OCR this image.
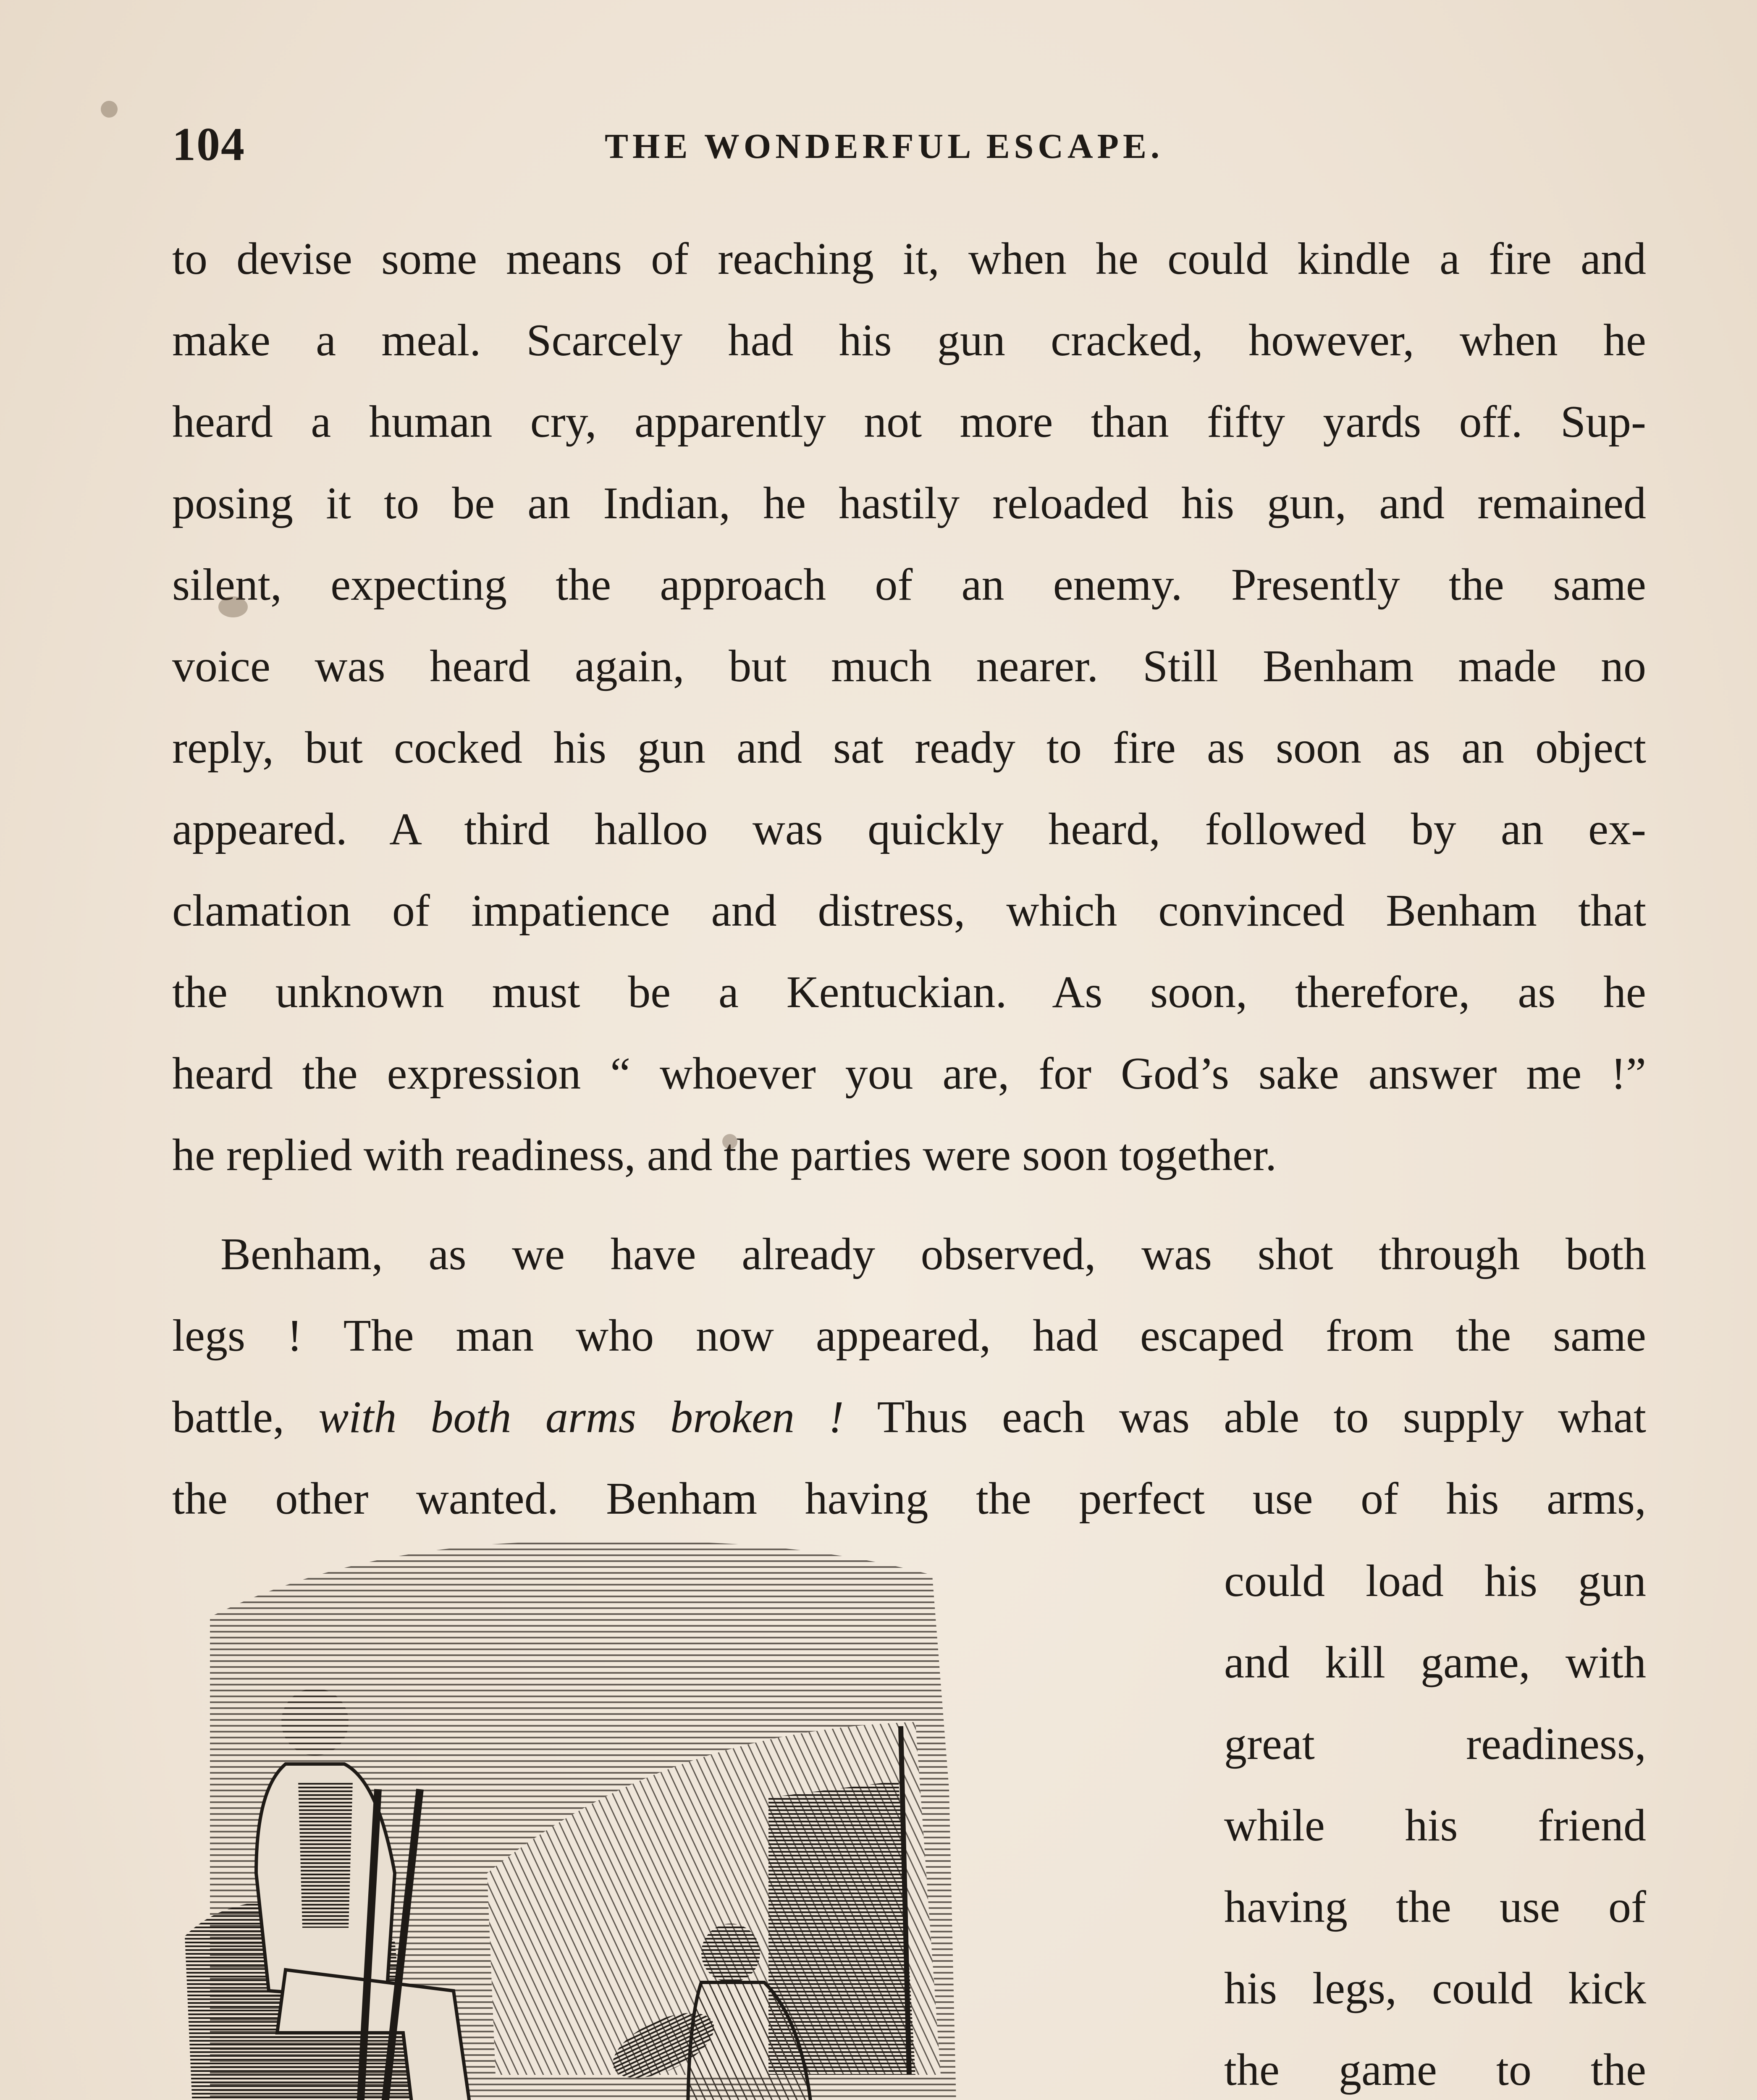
104	THE WONDERFUL ESCAPE.
to devise some means of reaching it, when he could kindle a fire and
make a meal. Scarcely had his gun cracked, however, when he
heard a human cry, apparently not more than fifty yards off. Sup-
posing it to be an Indian, he hastily reloaded his gun, and remained
silent, expecting the approach of an enemy. Presently the same
voice was heard again, but much nearer. Still Benham made no
reply, but cocked his gun and sat ready to fire as soon as an object
appeared. A third halloo was quickly heard, followed by an ex-
clamation of impatience and distress, which convinced Benham that
the unknown must be a Kentuckian. As soon, therefore, as he
heard the expression “ whoever you are, for God’s sake answer me !”
he replied with readiness, and the parties were soon together.
Benham, as we have already observed, was shot through both
legs ! The man who now appeared, had escaped from the same
battle, with both arms broken ! Thus each was able to supply what
the other wanted. Benham having the perfect use of his arms,
could load his gun
and kill game, with
great readiness,
while his friend
having the use of
his legs, could kick
the game to the
